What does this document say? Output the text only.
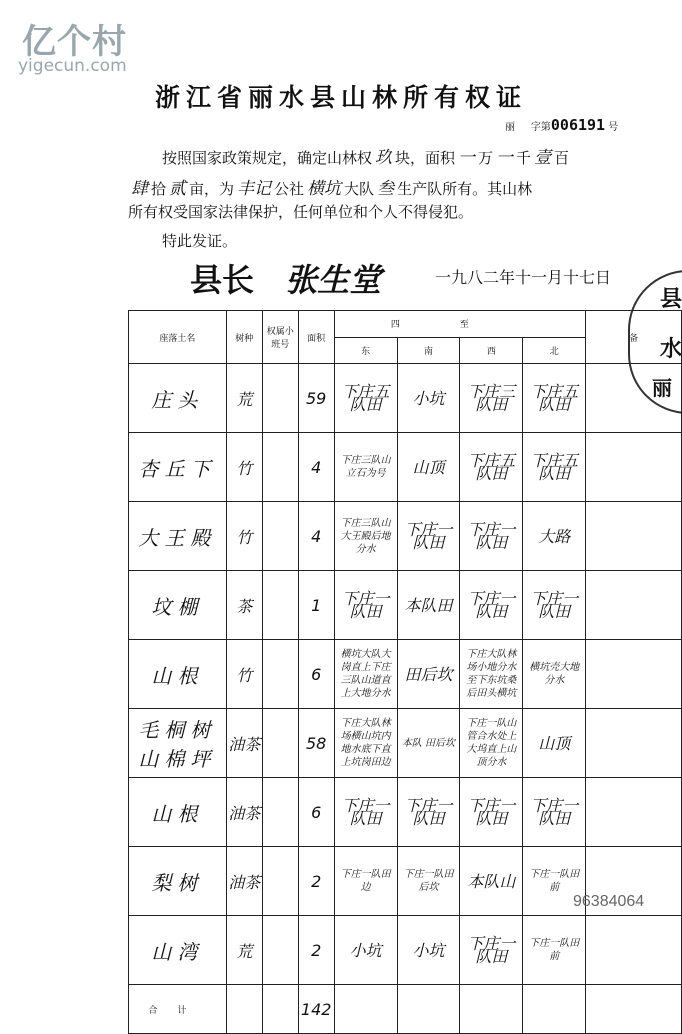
亿个村
yigecun.com
浙江省丽水县山林所有权证
丽 字第006191 号
按照国家政策规定，确定山林权 玖 块，面积 一 万 一 千 壹 百
肆 拾 贰 亩，为 丰记 公社 横坑 大队 叁 生产队所有。其山林
所有权受国家法律保护，任何单位和个人不得侵犯。
特此发证。
县长 张生堂	一九八二年十一月十七日
县
水
丽
座落土名	树种	权属小班号	面积	四至				备
				东	南	西	北	
庄头	荒		59	下庄五队田	小坑	下庄三队田	下庄五队田	
杏丘下	竹		4	下庄三队山立石为号	山顶	下庄五队田	下庄五队田	
大王殿	竹		4	下庄三队山大王殿后地分水	下庄一队田	下庄一队田	大路	
坟棚	茶		1	下庄一队田	本队田	下庄一队田	下庄一队田	
山根	竹		6	横坑大队大岗直上下庄三队山道直上大地分水	田后坎	下庄大队林场小地分水至下东坑桑后田头横坑	横坑壳大地分水	
毛桐树 山棉坪	油茶		58	下庄大队林场横山坑内地水底下直上坑岗田边	本队 田后坎	下庄一队山管合水处上大坞直上山顶分水	山顶	
山根	油茶		6	下庄一队田	下庄一队田	下庄一队田	下庄一队田	
梨树	油茶		2	下庄一队田边	下庄一队田后坎	本队山	下庄一队田前	
山湾	荒		2	小坑	小坑	下庄一队田	下庄一队田前	
合计			142					
96384064
